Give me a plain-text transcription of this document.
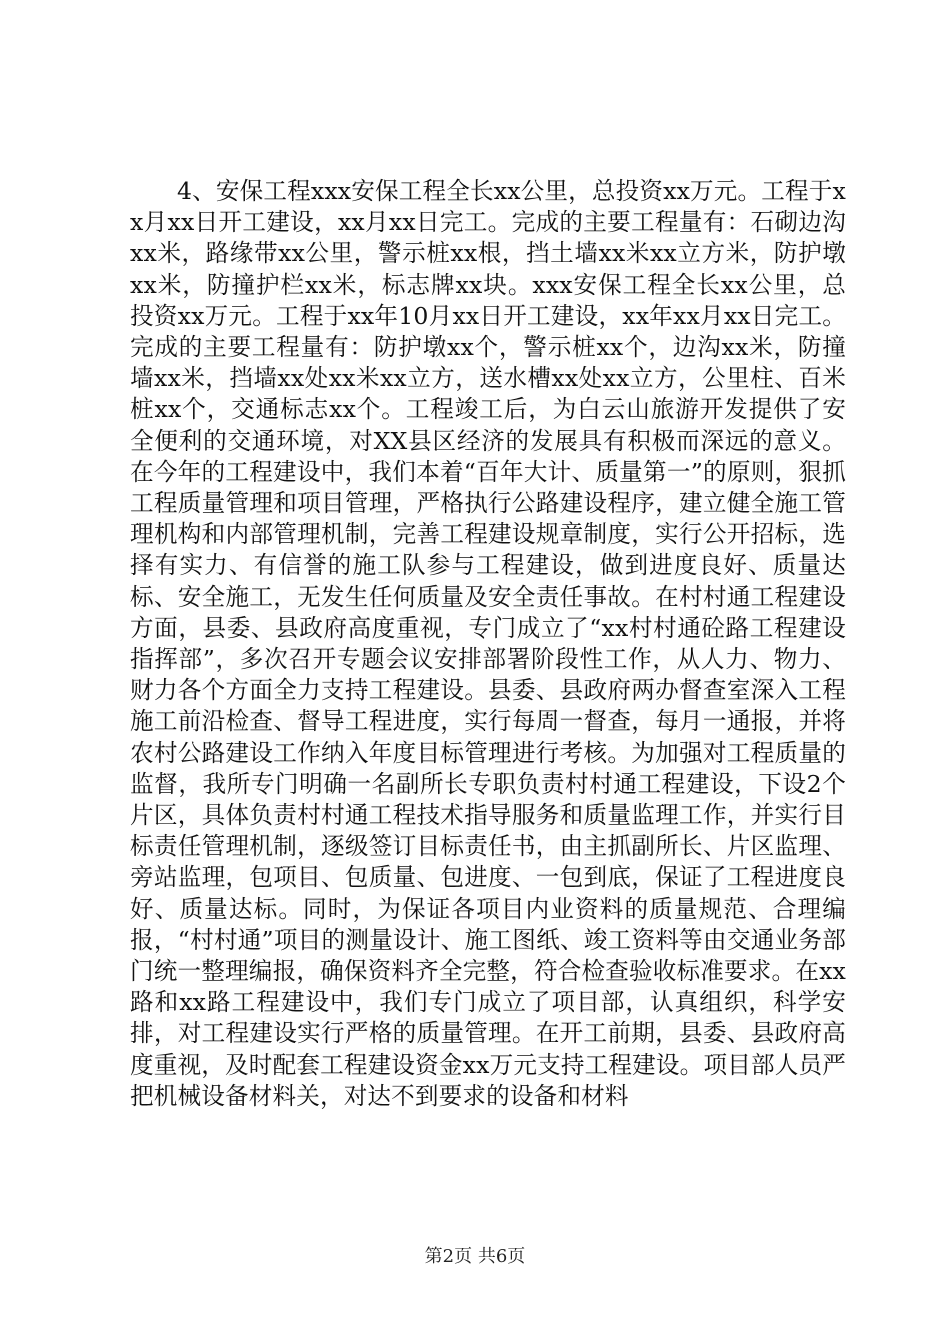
4、安保工程xxx安保工程全长xx公里，总投资xx万元。工程于xx月xx日开工建设，xx月xx日完工。完成的主要工程量有：石砌边沟xx米，路缘带xx公里，警示桩xx根，挡土墙xx米xx立方米，防护墩xx米，防撞护栏xx米，标志牌xx块。xxx安保工程全长xx公里，总投资xx万元。工程于xx年10月xx日开工建设，xx年xx月xx日完工。完成的主要工程量有：防护墩xx个，警示桩xx个，边沟xx米，防撞墙xx米，挡墙xx处xx米xx立方，送水槽xx处xx立方，公里柱、百米桩xx个，交通标志xx个。工程竣工后，为白云山旅游开发提供了安全便利的交通环境，对XX县区经济的发展具有积极而深远的意义。在今年的工程建设中，我们本着“百年大计、质量第一”的原则，狠抓工程质量管理和项目管理，严格执行公路建设程序，建立健全施工管理机构和内部管理机制，完善工程建设规章制度，实行公开招标，选择有实力、有信誉的施工队参与工程建设，做到进度良好、质量达标、安全施工，无发生任何质量及安全责任事故。在村村通工程建设方面，县委、县政府高度重视，专门成立了“xx村村通砼路工程建设指挥部”，多次召开专题会议安排部署阶段性工作，从人力、物力、财力各个方面全力支持工程建设。县委、县政府两办督查室深入工程施工前沿检查、督导工程进度，实行每周一督查，每月一通报，并将农村公路建设工作纳入年度目标管理进行考核。为加强对工程质量的监督，我所专门明确一名副所长专职负责村村通工程建设，下设2个片区，具体负责村村通工程技术指导服务和质量监理工作，并实行目标责任管理机制，逐级签订目标责任书，由主抓副所长、片区监理、旁站监理，包项目、包质量、包进度、一包到底，保证了工程进度良好、质量达标。同时，为保证各项目内业资料的质量规范、合理编报，“村村通”项目的测量设计、施工图纸、竣工资料等由交通业务部门统一整理编报，确保资料齐全完整，符合检查验收标准要求。在xx路和xx路工程建设中，我们专门成立了项目部，认真组织，科学安排，对工程建设实行严格的质量管理。在开工前期，县委、县政府高度重视，及时配套工程建设资金xx万元支持工程建设。项目部人员严把机械设备材料关，对达不到要求的设备和材料

第2页 共6页
